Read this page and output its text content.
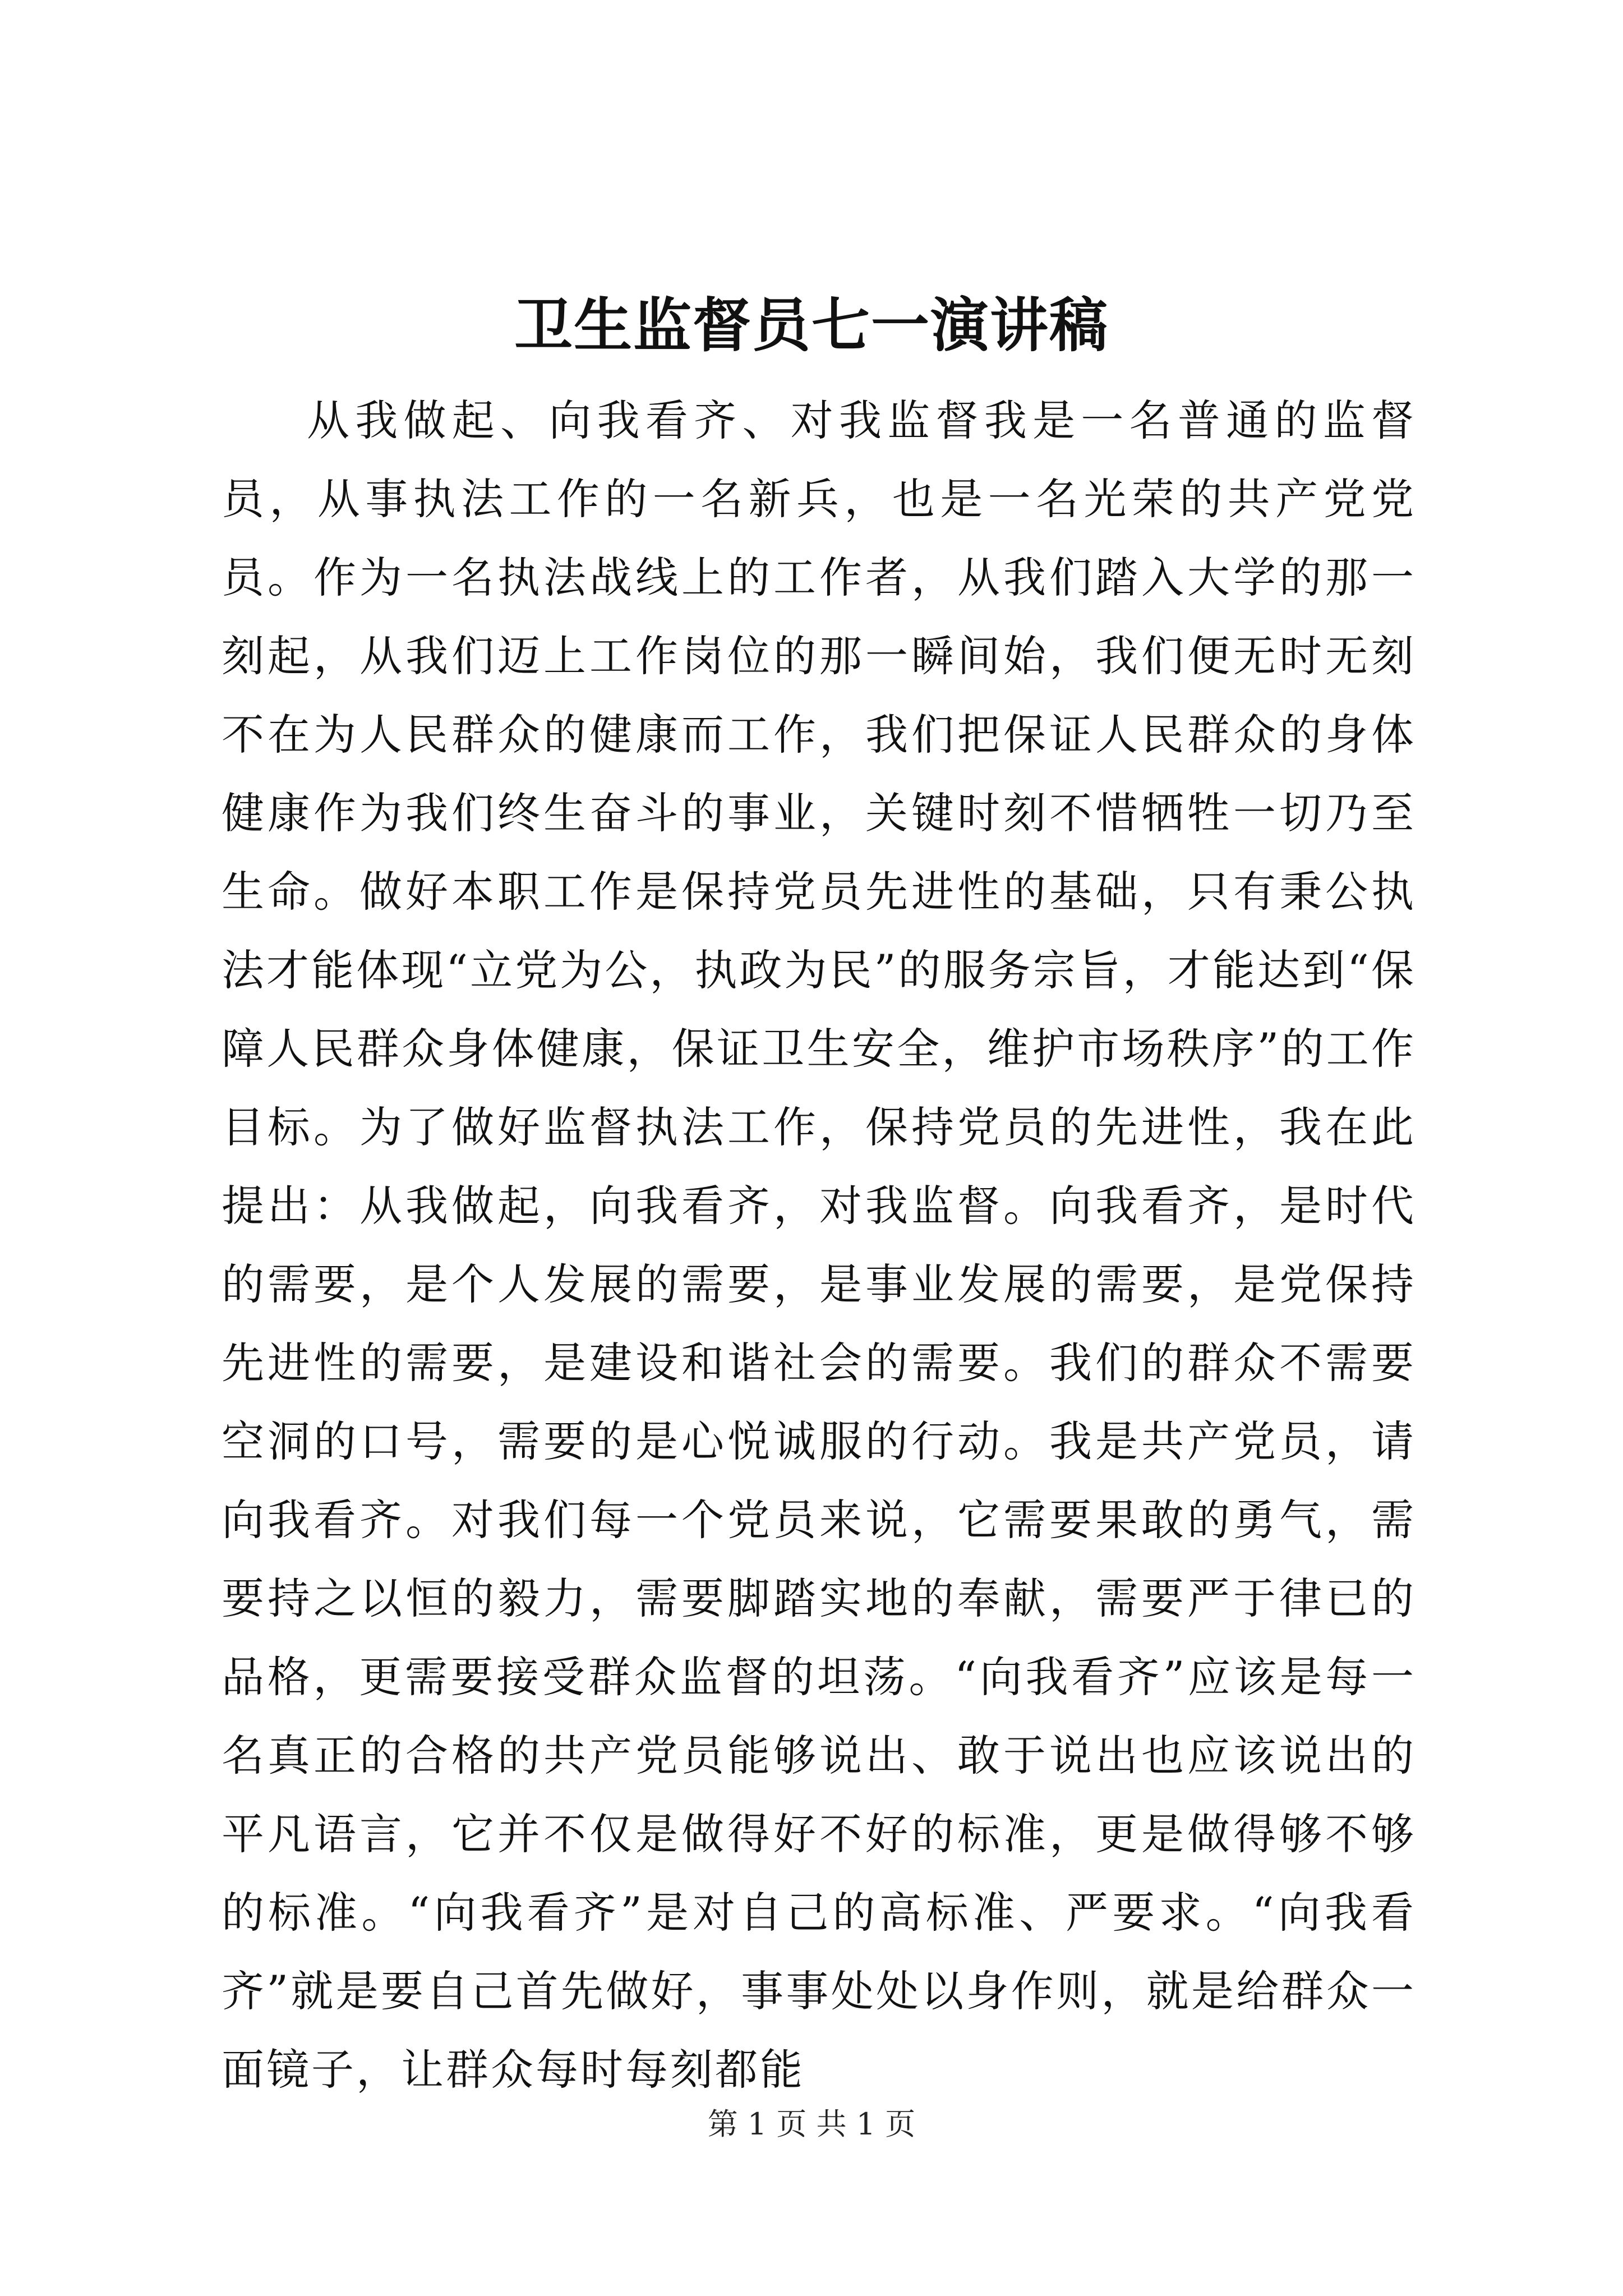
卫生监督员七一演讲稿

从我做起、向我看齐、对我监督我是一名普通的监督员，从事执法工作的一名新兵，也是一名光荣的共产党党员。作为一名执法战线上的工作者，从我们踏入大学的那一刻起，从我们迈上工作岗位的那一瞬间始，我们便无时无刻不在为人民群众的健康而工作，我们把保证人民群众的身体健康作为我们终生奋斗的事业，关键时刻不惜牺牲一切乃至生命。做好本职工作是保持党员先进性的基础，只有秉公执法才能体现“立党为公，执政为民”的服务宗旨，才能达到“保障人民群众身体健康，保证卫生安全，维护市场秩序”的工作目标。为了做好监督执法工作，保持党员的先进性，我在此提出：从我做起，向我看齐，对我监督。向我看齐，是时代的需要，是个人发展的需要，是事业发展的需要，是党保持先进性的需要，是建设和谐社会的需要。我们的群众不需要空洞的口号，需要的是心悦诚服的行动。我是共产党员，请向我看齐。对我们每一个党员来说，它需要果敢的勇气，需要持之以恒的毅力，需要脚踏实地的奉献，需要严于律已的品格，更需要接受群众监督的坦荡。“向我看齐”应该是每一名真正的合格的共产党员能够说出、敢于说出也应该说出的平凡语言，它并不仅是做得好不好的标准，更是做得够不够的标准。“向我看齐”是对自己的高标准、严要求。“向我看齐”就是要自己首先做好，事事处处以身作则，就是给群众一面镜子，让群众每时每刻都能

第 1 页 共 1 页
